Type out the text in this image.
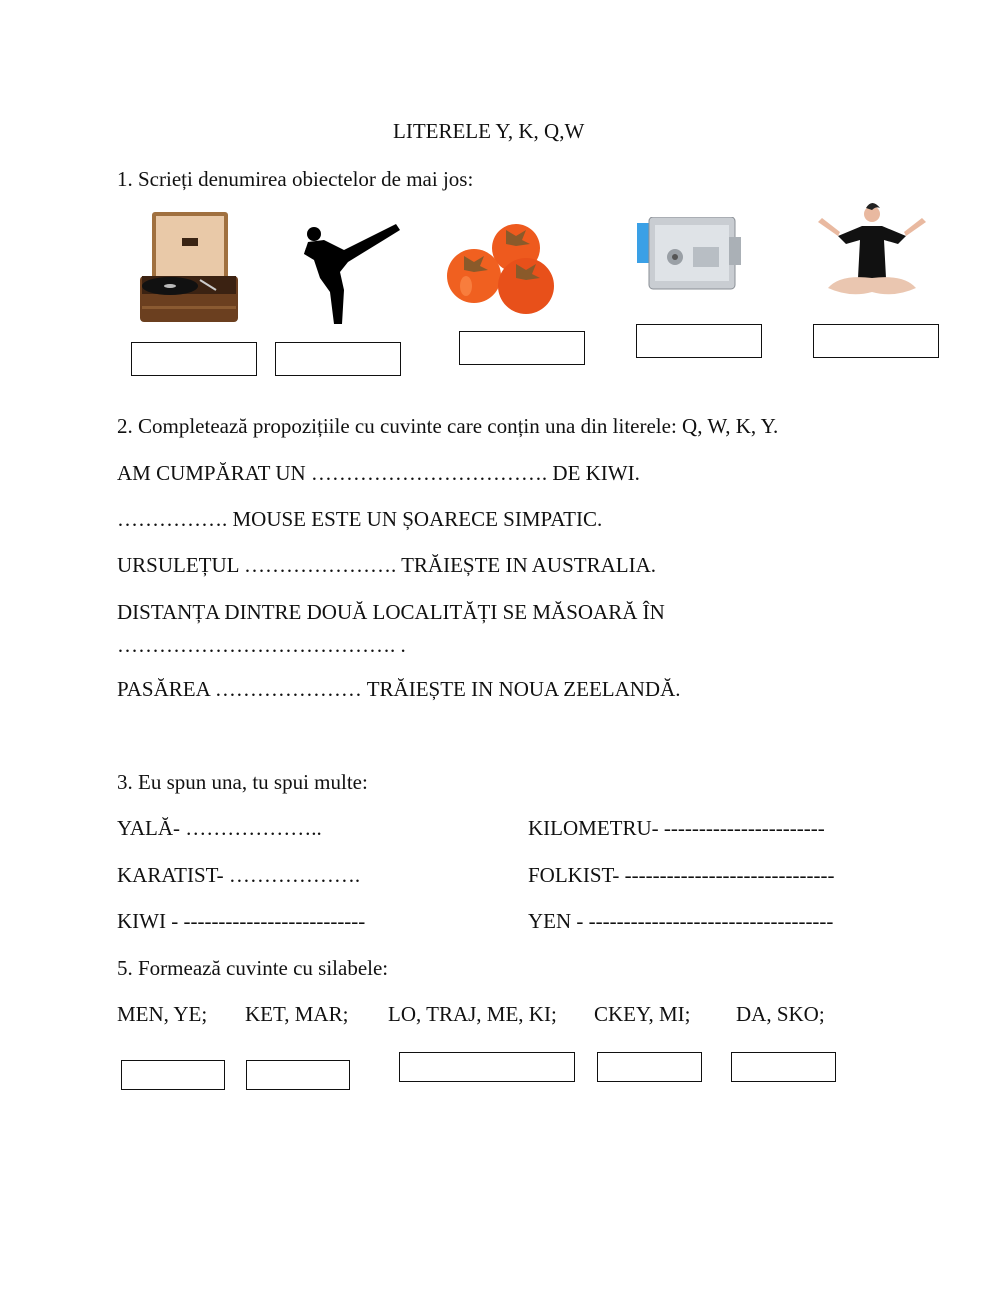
LITERELE Y, K, Q,W
1. Scrieți denumirea obiectelor de mai jos:
2. Completează propozițiile cu cuvinte care conțin una din literele: Q, W, K, Y.
AM CUMPĂRAT UN ……………………………. DE KIWI.
……………. MOUSE ESTE UN ȘOARECE SIMPATIC.
URSULEȚUL …………………. TRĂIEȘTE IN AUSTRALIA.
DISTANȚA DINTRE DOUĂ LOCALITĂȚI SE MĂSOARĂ ÎN
…………………………………. .
PASĂREA ………………… TRĂIEȘTE IN NOUA ZEELANDĂ.
3. Eu spun una, tu spui multe:
YALĂ- ………………..
KARATIST- ……………….
KIWI - --------------------------
KILOMETRU- -----------------------
FOLKIST- ------------------------------
YEN - -----------------------------------
5. Formează cuvinte cu silabele:
MEN, YE; KET, MAR; LO, TRAJ, ME, KI; CKEY, MI; DA, SKO;
